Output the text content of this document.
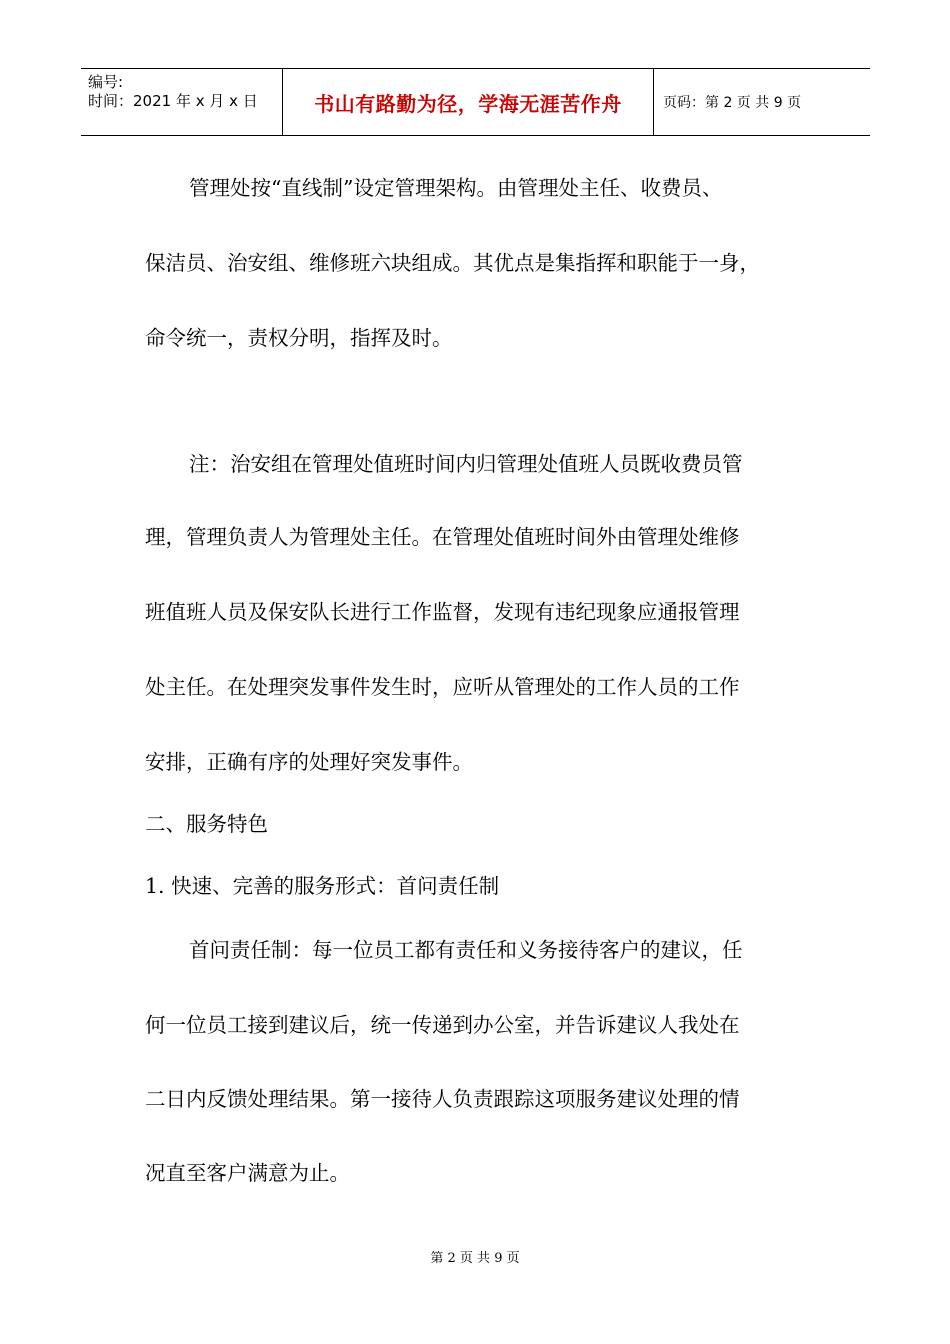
编号:
时间：2021 年 x 月 x 日	书山有路勤为径，学海无涯苦作舟	页码：第 2 页 共 9 页
管理处按“直线制”设定管理架构。由管理处主任、收费员、
保洁员、治安组、维修班六块组成。其优点是集指挥和职能于一身，
命令统一，责权分明，指挥及时。
注：治安组在管理处值班时间内归管理处值班人员既收费员管
理，管理负责人为管理处主任。在管理处值班时间外由管理处维修
班值班人员及保安队长进行工作监督，发现有违纪现象应通报管理
处主任。在处理突发事件发生时，应听从管理处的工作人员的工作
安排，正确有序的处理好突发事件。
二、服务特色
1. 快速、完善的服务形式：首问责任制
首问责任制：每一位员工都有责任和义务接待客户的建议，任
何一位员工接到建议后，统一传递到办公室，并告诉建议人我处在
二日内反馈处理结果。第一接待人负责跟踪这项服务建议处理的情
况直至客户满意为止。
第 2 页 共 9 页
